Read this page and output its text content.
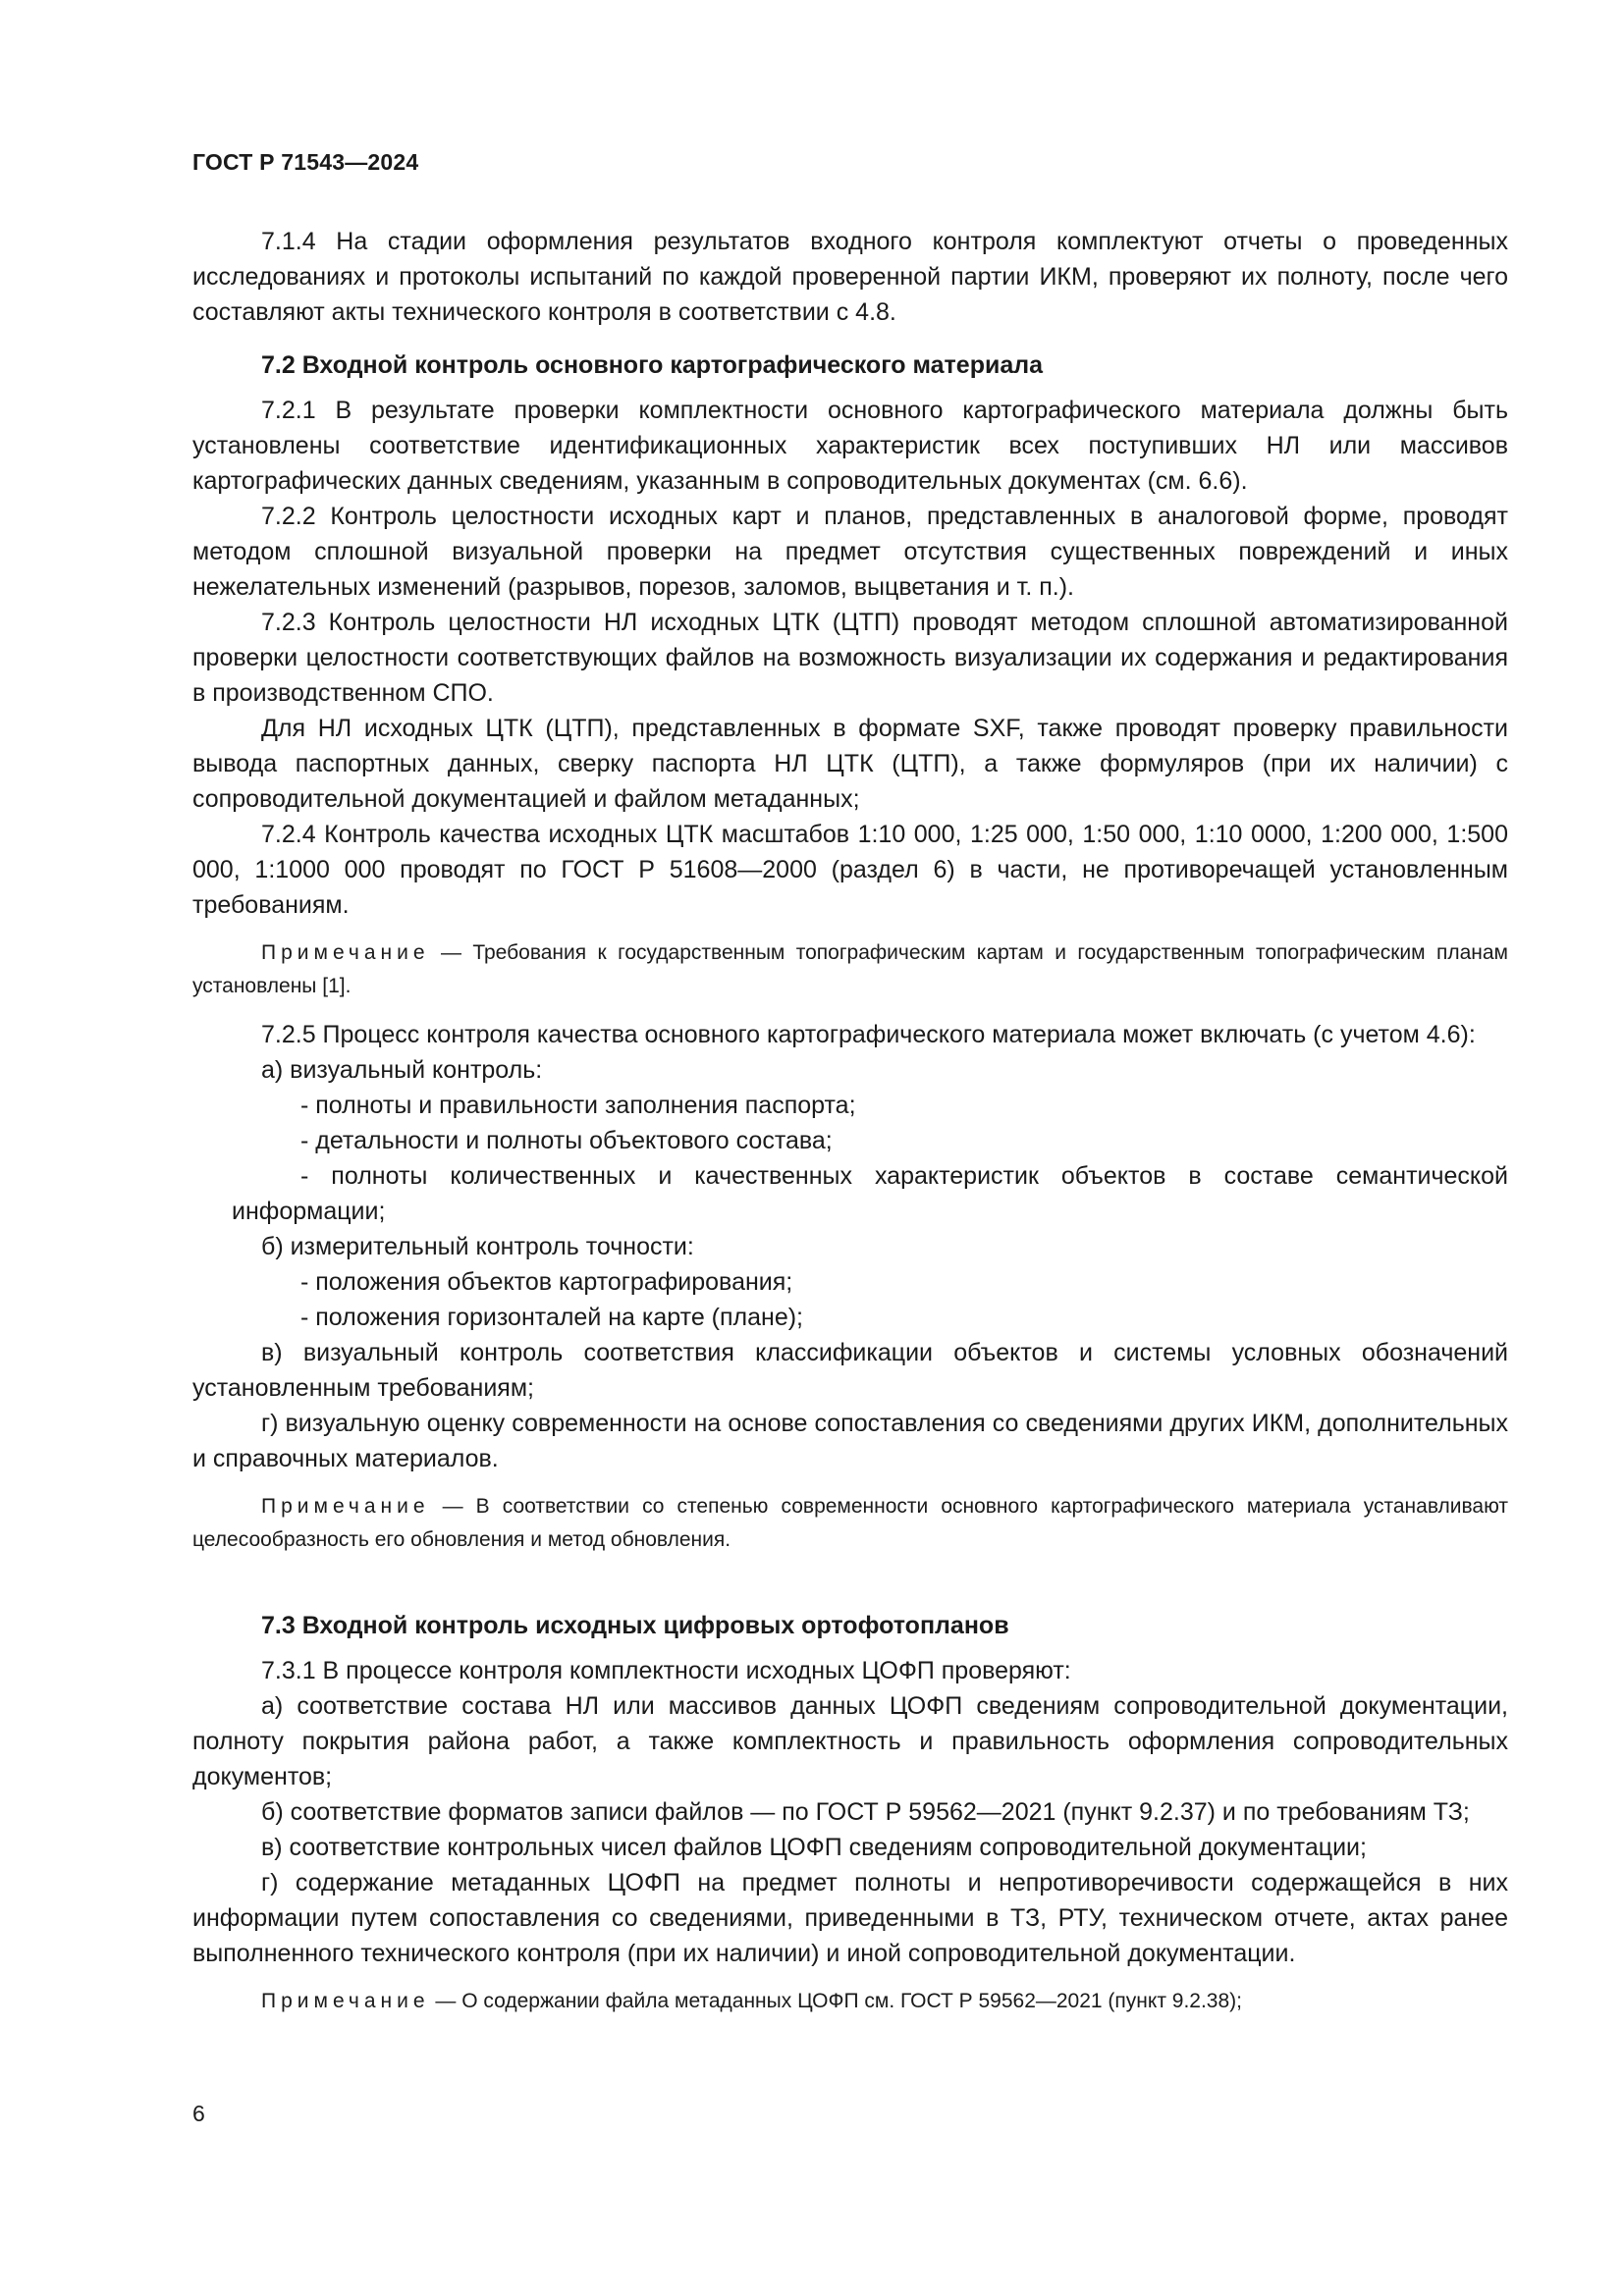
ГОСТ Р 71543—2024

7.1.4 На стадии оформления результатов входного контроля комплектуют отчеты о проведенных исследованиях и протоколы испытаний по каждой проверенной партии ИКМ, проверяют их полноту, после чего составляют акты технического контроля в соответствии с 4.8.

7.2 Входной контроль основного картографического материала

7.2.1 В результате проверки комплектности основного картографического материала должны быть установлены соответствие идентификационных характеристик всех поступивших НЛ или массивов картографических данных сведениям, указанным в сопроводительных документах (см. 6.6).

7.2.2 Контроль целостности исходных карт и планов, представленных в аналоговой форме, проводят методом сплошной визуальной проверки на предмет отсутствия существенных повреждений и иных нежелательных изменений (разрывов, порезов, заломов, выцветания и т. п.).

7.2.3 Контроль целостности НЛ исходных ЦТК (ЦТП) проводят методом сплошной автоматизированной проверки целостности соответствующих файлов на возможность визуализации их содержания и редактирования в производственном СПО.

Для НЛ исходных ЦТК (ЦТП), представленных в формате SXF, также проводят проверку правильности вывода паспортных данных, сверку паспорта НЛ ЦТК (ЦТП), а также формуляров (при их наличии) с сопроводительной документацией и файлом метаданных;

7.2.4 Контроль качества исходных ЦТК масштабов 1:10 000, 1:25 000, 1:50 000, 1:10 0000, 1:200 000, 1:500 000, 1:1000 000 проводят по ГОСТ Р 51608—2000 (раздел 6) в части, не противоречащей установленным требованиям.

Примечание — Требования к государственным топографическим картам и государственным топографическим планам установлены [1].

7.2.5 Процесс контроля качества основного картографического материала может включать (с учетом 4.6):

а) визуальный контроль:

- полноты и правильности заполнения паспорта;

- детальности и полноты объектового состава;

- полноты количественных и качественных характеристик объектов в составе семантической информации;

б) измерительный контроль точности:

- положения объектов картографирования;

- положения горизонталей на карте (плане);

в) визуальный контроль соответствия классификации объектов и системы условных обозначений установленным требованиям;

г) визуальную оценку современности на основе сопоставления со сведениями других ИКМ, дополнительных и справочных материалов.

Примечание — В соответствии со степенью современности основного картографического материала устанавливают целесообразность его обновления и метод обновления.

7.3 Входной контроль исходных цифровых ортофотопланов

7.3.1 В процессе контроля комплектности исходных ЦОФП проверяют:

а) соответствие состава НЛ или массивов данных ЦОФП сведениям сопроводительной документации, полноту покрытия района работ, а также комплектность и правильность оформления сопроводительных документов;

б) соответствие форматов записи файлов — по ГОСТ Р 59562—2021 (пункт 9.2.37) и по требованиям ТЗ;

в) соответствие контрольных чисел файлов ЦОФП сведениям сопроводительной документации;

г) содержание метаданных ЦОФП на предмет полноты и непротиворечивости содержащейся в них информации путем сопоставления со сведениями, приведенными в ТЗ, РТУ, техническом отчете, актах ранее выполненного технического контроля (при их наличии) и иной сопроводительной документации.

Примечание — О содержании файла метаданных ЦОФП см. ГОСТ Р 59562—2021 (пункт 9.2.38);

6
